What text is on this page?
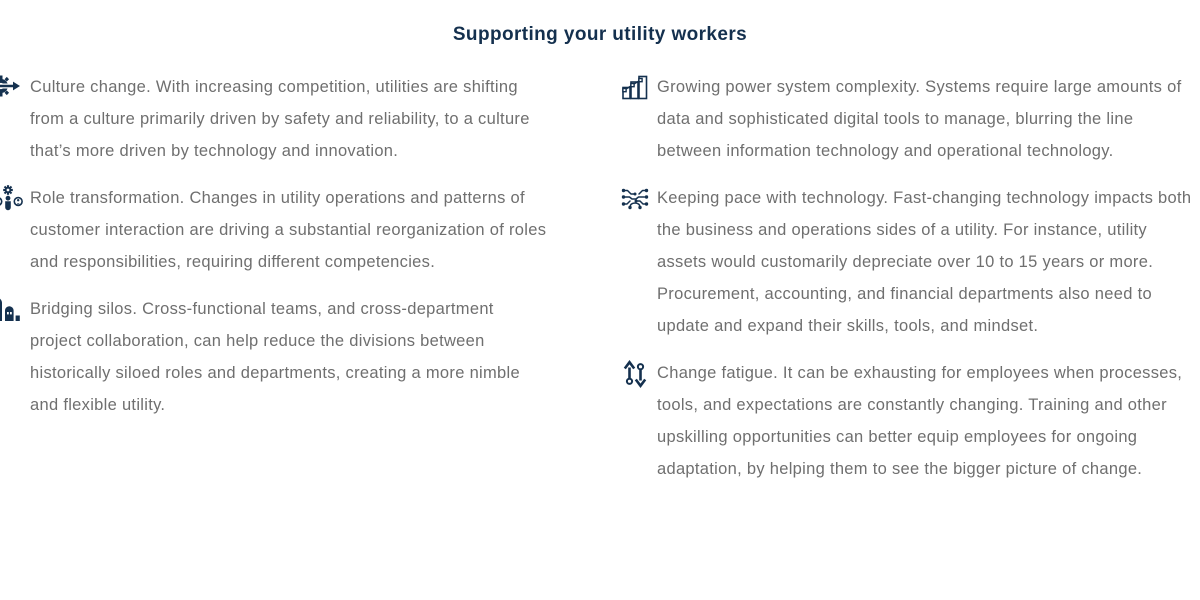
Supporting your utility workers
Culture change. With increasing competition, utilities are shifting from a culture primarily driven by safety and reliability, to a culture that’s more driven by technology and innovation.
Role transformation. Changes in utility operations and patterns of customer interaction are driving a substantial reorganization of roles and responsibilities, requiring different competencies.
Bridging silos. Cross-functional teams, and cross-department project collaboration, can help reduce the divisions between historically siloed roles and departments, creating a more nimble and flexible utility.
Growing power system complexity. Systems require large amounts of data and sophisticated digital tools to manage, blurring the line between information technology and operational technology.
Keeping pace with technology. Fast-changing technology impacts both the business and operations sides of a utility. For instance, utility assets would customarily depreciate over 10 to 15 years or more. Procurement, accounting, and financial departments also need to update and expand their skills, tools, and mindset.
Change fatigue. It can be exhausting for employees when processes, tools, and expectations are constantly changing. Training and other upskilling opportunities can better equip employees for ongoing adaptation, by helping them to see the bigger picture of change.
